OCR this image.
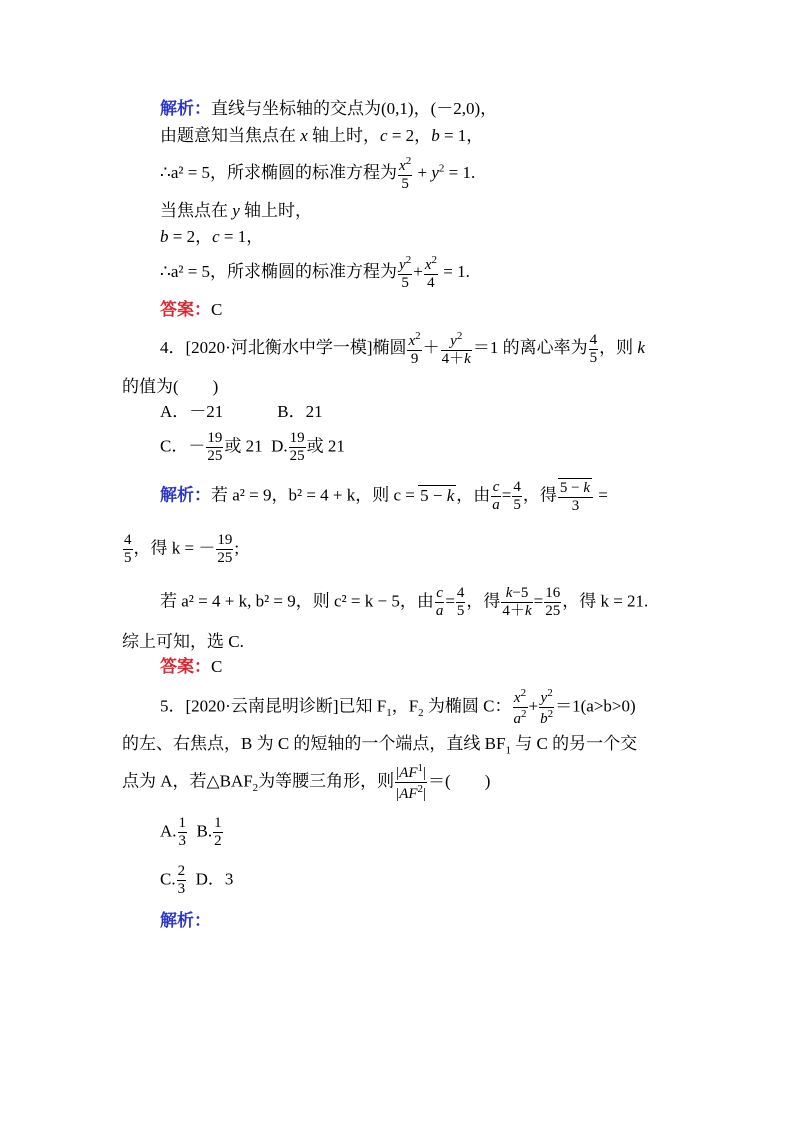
解析：直线与坐标轴的交点为(0,1)，(－2,0)，
由题意知当焦点在 x 轴上时，c = 2，b = 1，
∴a² = 5，所求椭圆的标准方程为 $\frac{x^2}{5} + y^2 = 1$.
当焦点在 y 轴上时，
b = 2，c = 1，
∴a² = 5，所求椭圆的标准方程为 $\frac{y^2}{5} + \frac{x^2}{4} = 1$.
答案：C
4．[2020·河北衡水中学一模]椭圆 $\frac{x^2}{9} + \frac{y^2}{4+k} =1$ 的离心率为 $\frac{4}{5}$ ，则 k
的值为(　　)
A．－21	B．21
C．－ $\frac{19}{25}$ 或 21 D. $\frac{19}{25}$ 或 21
解析：若 a² = 9，b² = 4 + k，则 c = 5 − k ，由 $\frac{c}{a} = \frac{4}{5}$ ，得 $\frac{5 - k}{3}$ =
$\frac{4}{5}$ ，得 k = － $\frac{19}{25}$ ;
若 a² = 4 + k, b² = 9，则 c² = k − 5，由 $\frac{c}{a} = \frac{4}{5}$ ，得 $\frac{k-5}{4+k} = \frac{16}{25}$ ，得 k = 21.
综上可知，选 C.
答案：C
5．[2020·云南昆明诊断]已知 $F_1$，$F_2$ 为椭圆 C： $\frac{x^2}{a^2} + \frac{y^2}{b^2} =1(a>b>0)$
的左、右焦点，B 为 C 的短轴的一个端点，直线 $BF_1$ 与 C 的另一个交
点为 A，若$\triangle BAF_2$为等腰三角形，则 $\frac{|AF^1|}{|AF^2|}$ ＝(　　)
A. $\frac{1}{3} B$. $\frac{1}{2}$
C. $\frac{2}{3}$ D．3
解析：
